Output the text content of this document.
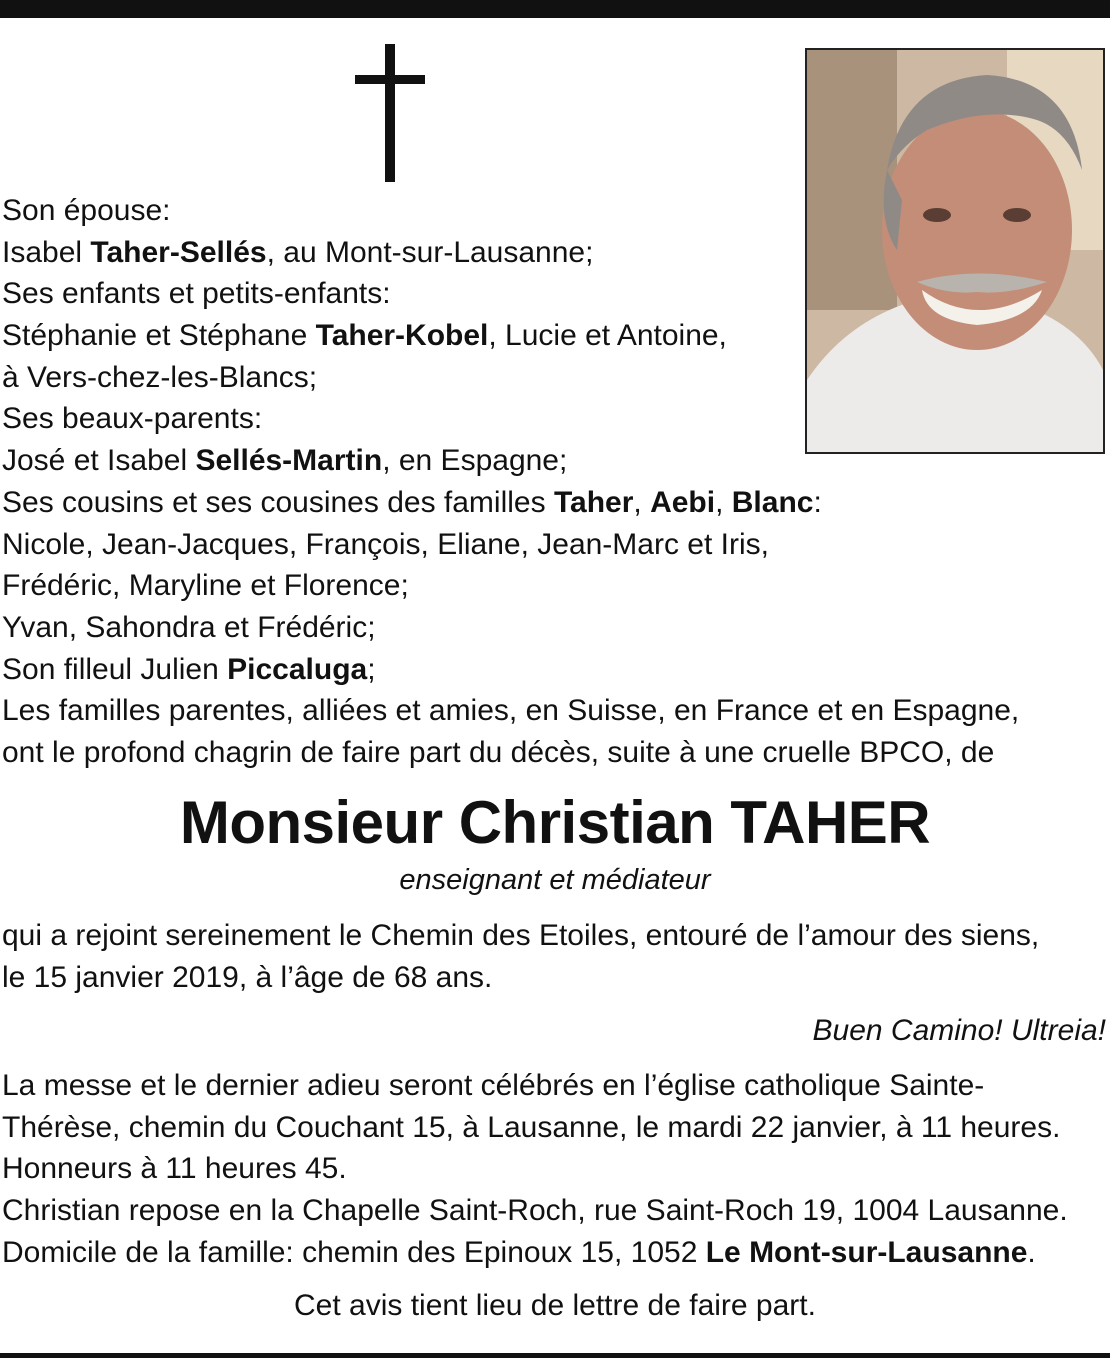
Son épouse:
Isabel Taher-Sellés, au Mont-sur-Lausanne;
Ses enfants et petits-enfants:
Stéphanie et Stéphane Taher-Kobel, Lucie et Antoine,
à Vers-chez-les-Blancs;
Ses beaux-parents:
José et Isabel Sellés-Martin, en Espagne;
Ses cousins et ses cousines des familles Taher, Aebi, Blanc:
Nicole, Jean-Jacques, François, Eliane, Jean-Marc et Iris,
Frédéric, Maryline et Florence;
Yvan, Sahondra et Frédéric;
Son filleul Julien Piccaluga;
Les familles parentes, alliées et amies, en Suisse, en France et en Espagne,
ont le profond chagrin de faire part du décès, suite à une cruelle BPCO, de
Monsieur Christian TAHER
enseignant et médiateur
qui a rejoint sereinement le Chemin des Etoiles, entouré de l’amour des siens,
le 15 janvier 2019, à l’âge de 68 ans.
Buen Camino! Ultreia!
La messe et le dernier adieu seront célébrés en l’église catholique Sainte-
Thérèse, chemin du Couchant 15, à Lausanne, le mardi 22 janvier, à 11 heures.
Honneurs à 11 heures 45.
Christian repose en la Chapelle Saint-Roch, rue Saint-Roch 19, 1004 Lausanne.
Domicile de la famille: chemin des Epinoux 15, 1052 Le Mont-sur-Lausanne.
Cet avis tient lieu de lettre de faire part.
